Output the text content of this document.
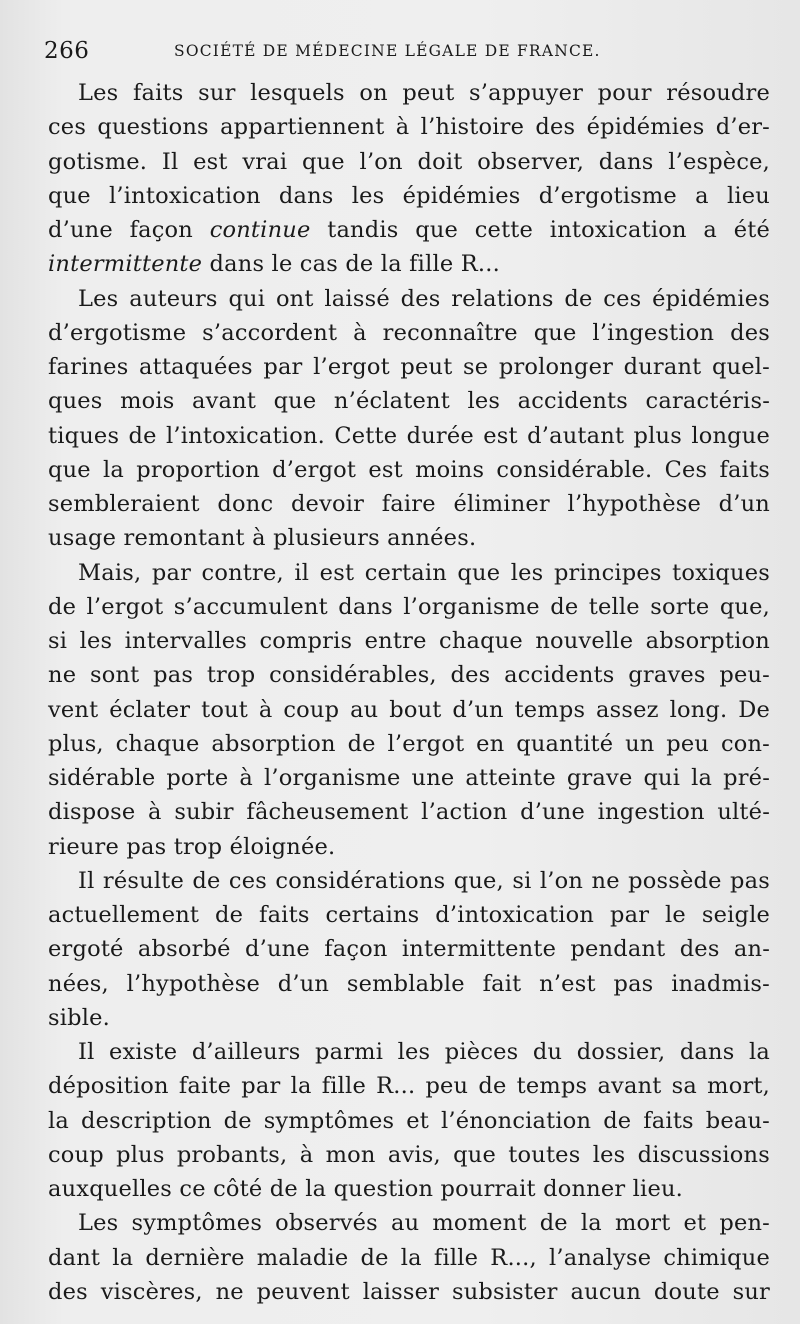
266	SOCIÉTÉ DE MÉDECINE LÉGALE DE FRANCE.
Les faits sur lesquels on peut s’appuyer pour résoudre
ces questions appartiennent à l’histoire des épidémies d’er-
gotisme. Il est vrai que l’on doit observer, dans l’espèce,
que l’intoxication dans les épidémies d’ergotisme a lieu
d’une façon continue tandis que cette intoxication a été
intermittente dans le cas de la fille R...
Les auteurs qui ont laissé des relations de ces épidémies
d’ergotisme s’accordent à reconnaître que l’ingestion des
farines attaquées par l’ergot peut se prolonger durant quel-
ques mois avant que n’éclatent les accidents caractéris-
tiques de l’intoxication. Cette durée est d’autant plus longue
que la proportion d’ergot est moins considérable. Ces faits
sembleraient donc devoir faire éliminer l’hypothèse d’un
usage remontant à plusieurs années.
Mais, par contre, il est certain que les principes toxiques
de l’ergot s’accumulent dans l’organisme de telle sorte que,
si les intervalles compris entre chaque nouvelle absorption
ne sont pas trop considérables, des accidents graves peu-
vent éclater tout à coup au bout d’un temps assez long. De
plus, chaque absorption de l’ergot en quantité un peu con-
sidérable porte à l’organisme une atteinte grave qui la pré-
dispose à subir fâcheusement l’action d’une ingestion ulté-
rieure pas trop éloignée.
Il résulte de ces considérations que, si l’on ne possède pas
actuellement de faits certains d’intoxication par le seigle
ergoté absorbé d’une façon intermittente pendant des an-
nées, l’hypothèse d’un semblable fait n’est pas inadmis-
sible.
Il existe d’ailleurs parmi les pièces du dossier, dans la
déposition faite par la fille R... peu de temps avant sa mort,
la description de symptômes et l’énonciation de faits beau-
coup plus probants, à mon avis, que toutes les discussions
auxquelles ce côté de la question pourrait donner lieu.
Les symptômes observés au moment de la mort et pen-
dant la dernière maladie de la fille R..., l’analyse chimique
des viscères, ne peuvent laisser subsister aucun doute sur
